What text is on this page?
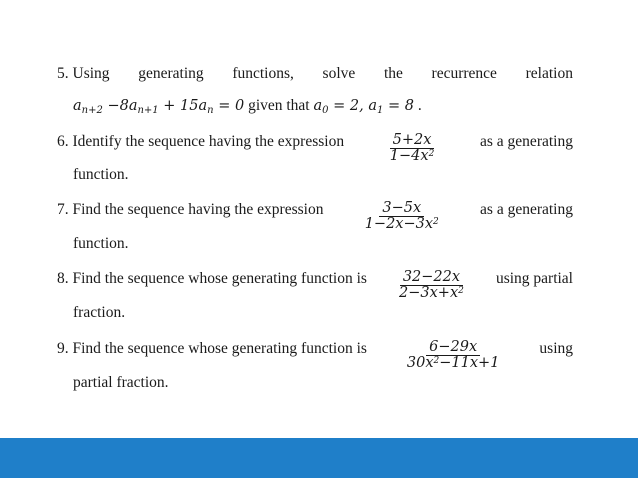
5. Using generating functions, solve the recurrence relation
$a_{n+2} -8a_{n+1} + 15a_n = 0$ given that $a_0 = 2$, $a_1 = 8$ .
6. Identify the sequence having the expression	$\frac{5+2x}{1-4x^2}$	as a generating
function.
7. Find the sequence having the expression	$\frac{3-5x}{1-2x-3x^2}$ as a generating
function.
8. Find the sequence whose generating function is $\frac{32-22x}{2-3x+x^2}$ using partial
fraction.
9. Find the sequence whose generating function is	$\frac{6-29x}{30x^2-11x+1}$ using
partial fraction.
